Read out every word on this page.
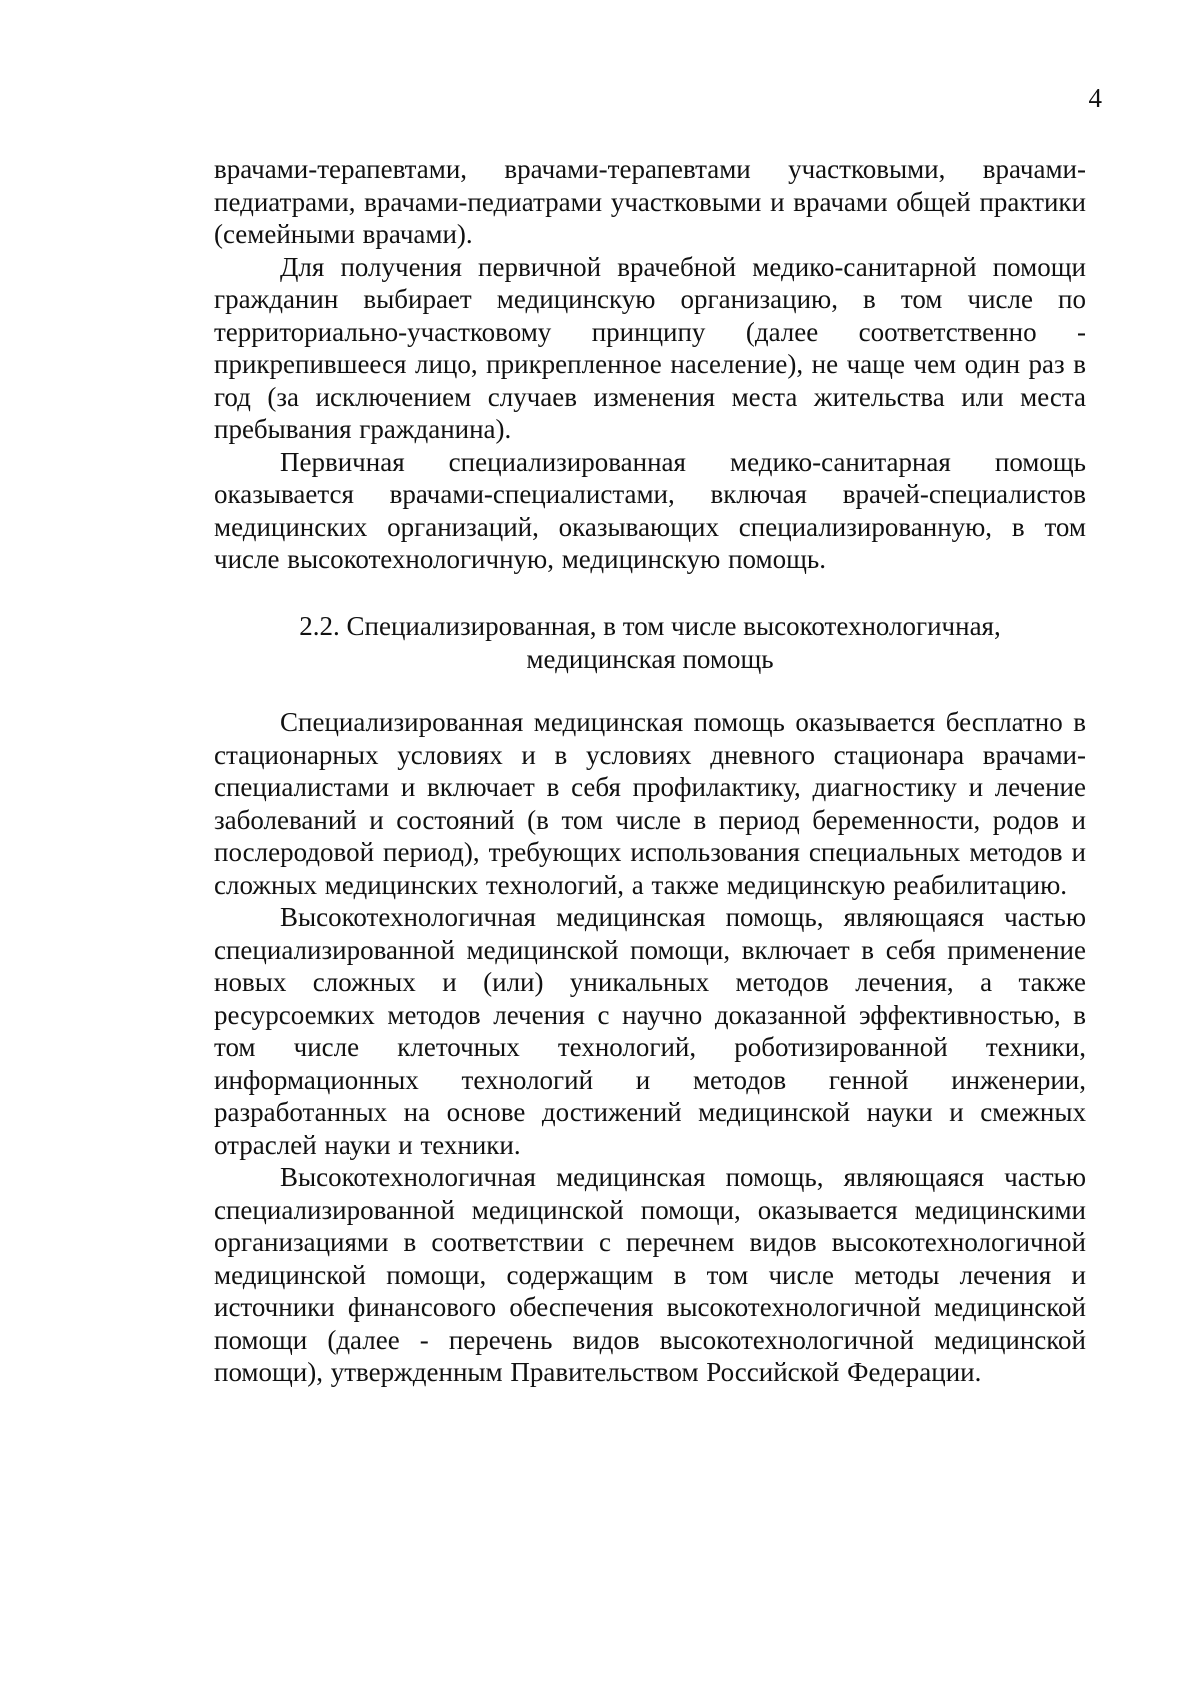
4

врачами-терапевтами, врачами-терапевтами участковыми, врачами-педиатрами, врачами-педиатрами участковыми и врачами общей практики (семейными врачами).

Для получения первичной врачебной медико-санитарной помощи гражданин выбирает медицинскую организацию, в том числе по территориально-участковому принципу (далее соответственно - прикрепившееся лицо, прикрепленное население), не чаще чем один раз в год (за исключением случаев изменения места жительства или места пребывания гражданина).

Первичная специализированная медико-санитарная помощь оказывается врачами-специалистами, включая врачей-специалистов медицинских организаций, оказывающих специализированную, в том числе высокотехнологичную, медицинскую помощь.

2.2. Специализированная, в том числе высокотехнологичная,
медицинская помощь

Специализированная медицинская помощь оказывается бесплатно в стационарных условиях и в условиях дневного стационара врачами-специалистами и включает в себя профилактику, диагностику и лечение заболеваний и состояний (в том числе в период беременности, родов и послеродовой период), требующих использования специальных методов и сложных медицинских технологий, а также медицинскую реабилитацию.

Высокотехнологичная медицинская помощь, являющаяся частью специализированной медицинской помощи, включает в себя применение новых сложных и (или) уникальных методов лечения, а также ресурсоемких методов лечения с научно доказанной эффективностью, в том числе клеточных технологий, роботизированной техники, информационных технологий и методов генной инженерии, разработанных на основе достижений медицинской науки и смежных отраслей науки и техники.

Высокотехнологичная медицинская помощь, являющаяся частью специализированной медицинской помощи, оказывается медицинскими организациями в соответствии с перечнем видов высокотехнологичной медицинской помощи, содержащим в том числе методы лечения и источники финансового обеспечения высокотехнологичной медицинской помощи (далее - перечень видов высокотехнологичной медицинской помощи), утвержденным Правительством Российской Федерации.
